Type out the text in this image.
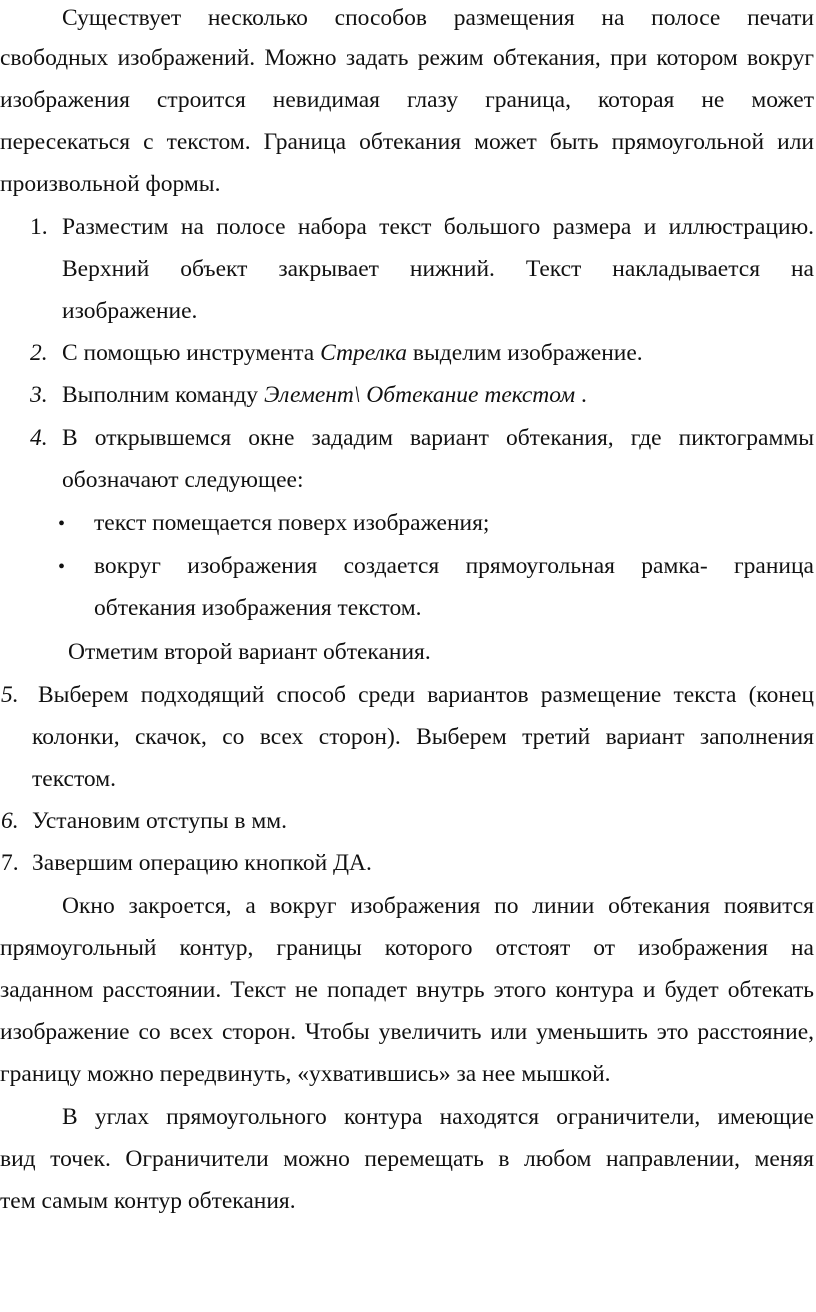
Существует несколько способов размещения на полосе печати
свободных изображений. Можно задать режим обтекания, при котором вокруг
изображения строится невидимая глазу граница, которая не может
пересекаться с текстом. Граница обтекания может быть прямоугольной или
произвольной формы.
1. Разместим на полосе набора текст большого размера и иллюстрацию.
Верхний объект закрывает нижний. Текст накладывается на
изображение.
2. С помощью инструмента Стрелка выделим изображение.
3. Выполним команду Элемент\ Обтекание текстом .
4. В открывшемся окне зададим вариант обтекания, где пиктограммы
обозначают следующее:
•	текст помещается поверх изображения;
•	вокруг изображения создается прямоугольная рамка- граница
обтекания изображения текстом.
Отметим второй вариант обтекания.
5. Выберем подходящий способ среди вариантов размещение текста (конец
колонки, скачок, со всех сторон). Выберем третий вариант заполнения
текстом.
6. Установим отступы в мм.
7. Завершим операцию кнопкой ДА.
Окно закроется, а вокруг изображения по линии обтекания появится
прямоугольный контур, границы которого отстоят от изображения на
заданном расстоянии. Текст не попадет внутрь этого контура и будет обтекать
изображение со всех сторон. Чтобы увеличить или уменьшить это расстояние,
границу можно передвинуть, «ухватившись» за нее мышкой.
В углах прямоугольного контура находятся ограничители, имеющие
вид точек. Ограничители можно перемещать в любом направлении, меняя
тем самым контур обтекания.
